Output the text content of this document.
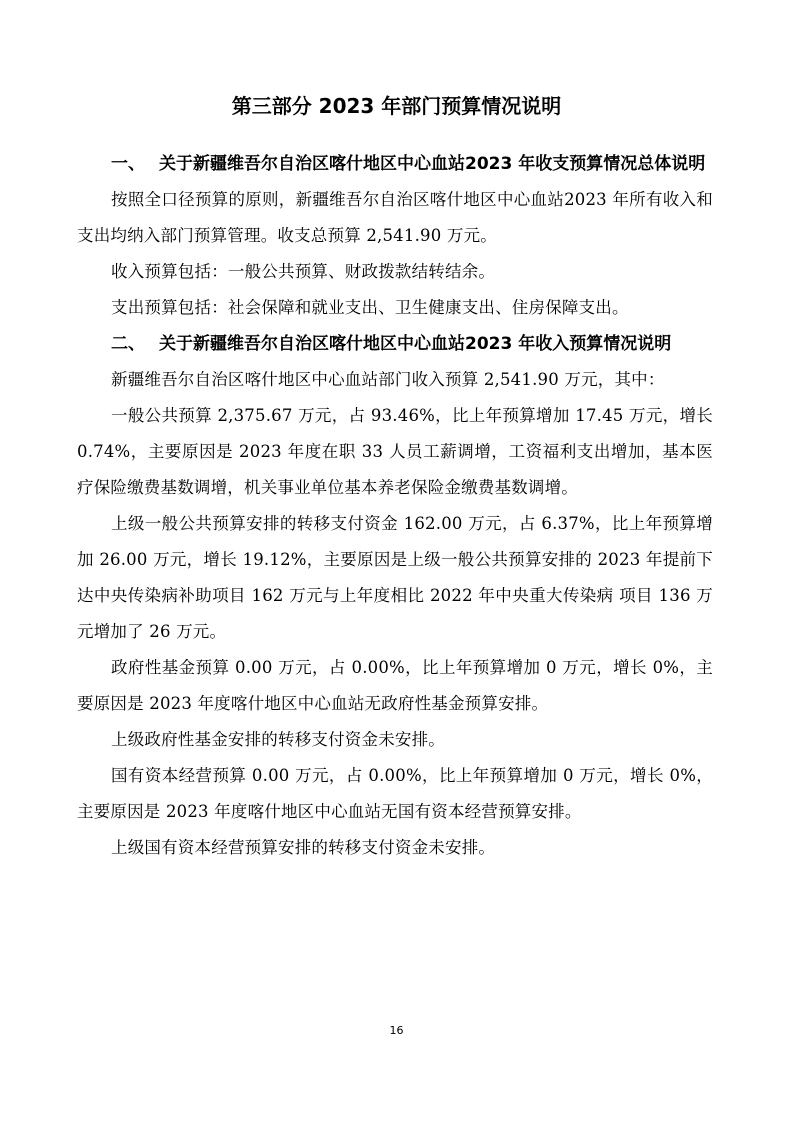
第三部分 2023 年部门预算情况说明

一、 关于新疆维吾尔自治区喀什地区中心血站2023 年收支预算情况总体说明

按照全口径预算的原则，新疆维吾尔自治区喀什地区中心血站2023 年所有收入和支出均纳入部门预算管理。收支总预算 2,541.90 万元。

收入预算包括：一般公共预算、财政拨款结转结余。

支出预算包括：社会保障和就业支出、卫生健康支出、住房保障支出。

二、 关于新疆维吾尔自治区喀什地区中心血站2023 年收入预算情况说明

新疆维吾尔自治区喀什地区中心血站部门收入预算 2,541.90 万元，其中：

一般公共预算 2,375.67 万元，占 93.46%，比上年预算增加 17.45 万元，增长 0.74%，主要原因是 2023 年度在职 33 人员工薪调增，工资福利支出增加，基本医疗保险缴费基数调增，机关事业单位基本养老保险金缴费基数调增。

上级一般公共预算安排的转移支付资金 162.00 万元，占 6.37%，比上年预算增加 26.00 万元，增长 19.12%，主要原因是上级一般公共预算安排的 2023 年提前下达中央传染病补助项目 162 万元与上年度相比 2022 年中央重大传染病 项目 136 万元增加了 26 万元。

政府性基金预算 0.00 万元，占 0.00%，比上年预算增加 0 万元，增长 0%，主要原因是 2023 年度喀什地区中心血站无政府性基金预算安排。

上级政府性基金安排的转移支付资金未安排。

国有资本经营预算 0.00 万元，占 0.00%，比上年预算增加 0 万元，增长 0%，主要原因是 2023 年度喀什地区中心血站无国有资本经营预算安排。

上级国有资本经营预算安排的转移支付资金未安排。

16
